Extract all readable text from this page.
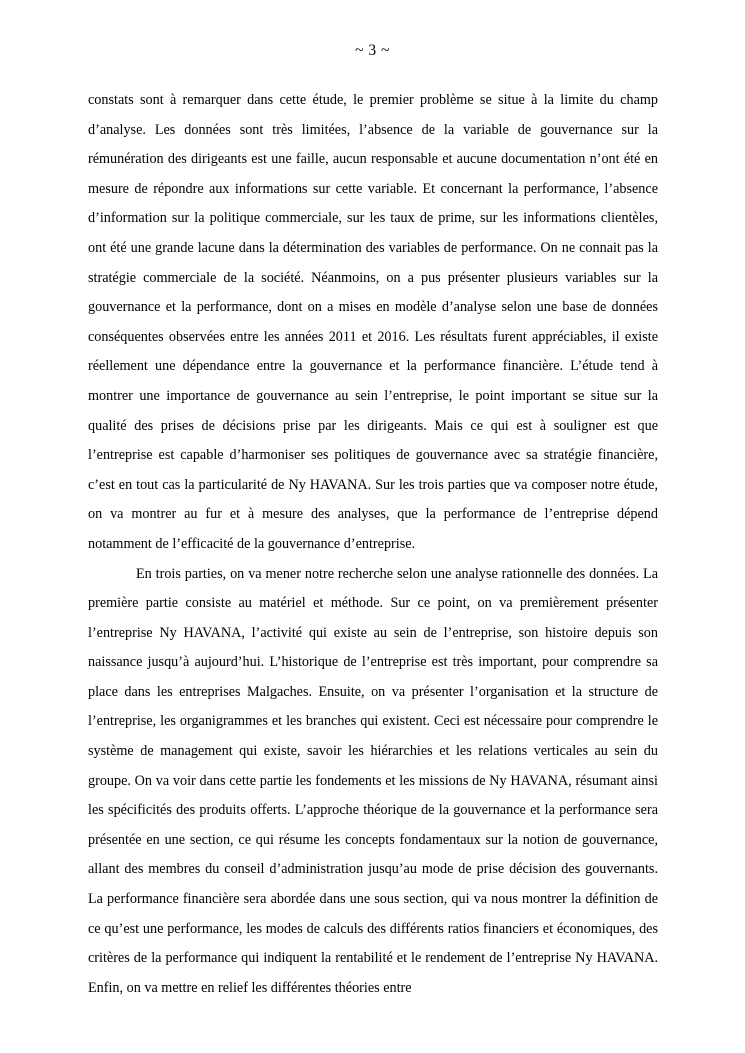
~ 3 ~

constats sont à remarquer dans cette étude, le premier problème se situe à la limite du champ d’analyse. Les données sont très limitées, l’absence de la variable de gouvernance sur la rémunération des dirigeants est une faille, aucun responsable et aucune documentation n’ont été en mesure de répondre aux informations sur cette variable. Et concernant la performance, l’absence d’information sur la politique commerciale, sur les taux de prime, sur les informations clientèles, ont été une grande lacune dans la détermination des variables de performance. On ne connait pas la stratégie commerciale de la société. Néanmoins, on a pus présenter plusieurs variables sur la gouvernance et la performance, dont on a mises en modèle d’analyse selon une base de données conséquentes observées entre les années 2011 et 2016. Les résultats furent appréciables, il existe réellement une dépendance entre la gouvernance et la performance financière. L’étude tend à montrer une importance de gouvernance au sein l’entreprise, le point important se situe sur la qualité des prises de décisions prise par les dirigeants. Mais ce qui est à souligner est que l’entreprise est capable d’harmoniser ses politiques de gouvernance avec sa stratégie financière, c’est en tout cas la particularité de Ny HAVANA. Sur les trois parties que va composer notre étude, on va montrer au fur et à mesure des analyses, que la performance de l’entreprise dépend notamment de l’efficacité de la gouvernance d’entreprise.

En trois parties, on va mener notre recherche selon une analyse rationnelle des données. La première partie consiste au matériel et méthode. Sur ce point, on va premièrement présenter l’entreprise Ny HAVANA, l’activité qui existe au sein de l’entreprise, son histoire depuis son naissance jusqu’à aujourd’hui. L’historique de l’entreprise est très important, pour comprendre sa place dans les entreprises Malgaches. Ensuite, on va présenter l’organisation et la structure de l’entreprise, les organigrammes et les branches qui existent. Ceci est nécessaire pour comprendre le système de management qui existe, savoir les hiérarchies et les relations verticales au sein du groupe. On va voir dans cette partie les fondements et les missions de Ny HAVANA, résumant ainsi les spécificités des produits offerts. L’approche théorique de la gouvernance et la performance sera présentée en une section, ce qui résume les concepts fondamentaux sur la notion de gouvernance, allant des membres du conseil d’administration jusqu’au mode de prise décision des gouvernants. La performance financière sera abordée dans une sous section, qui va nous montrer la définition de ce qu’est une performance, les modes de calculs des différents ratios financiers et économiques, des critères de la performance qui indiquent la rentabilité et le rendement de l’entreprise Ny HAVANA. Enfin, on va mettre en relief les différentes théories entre
